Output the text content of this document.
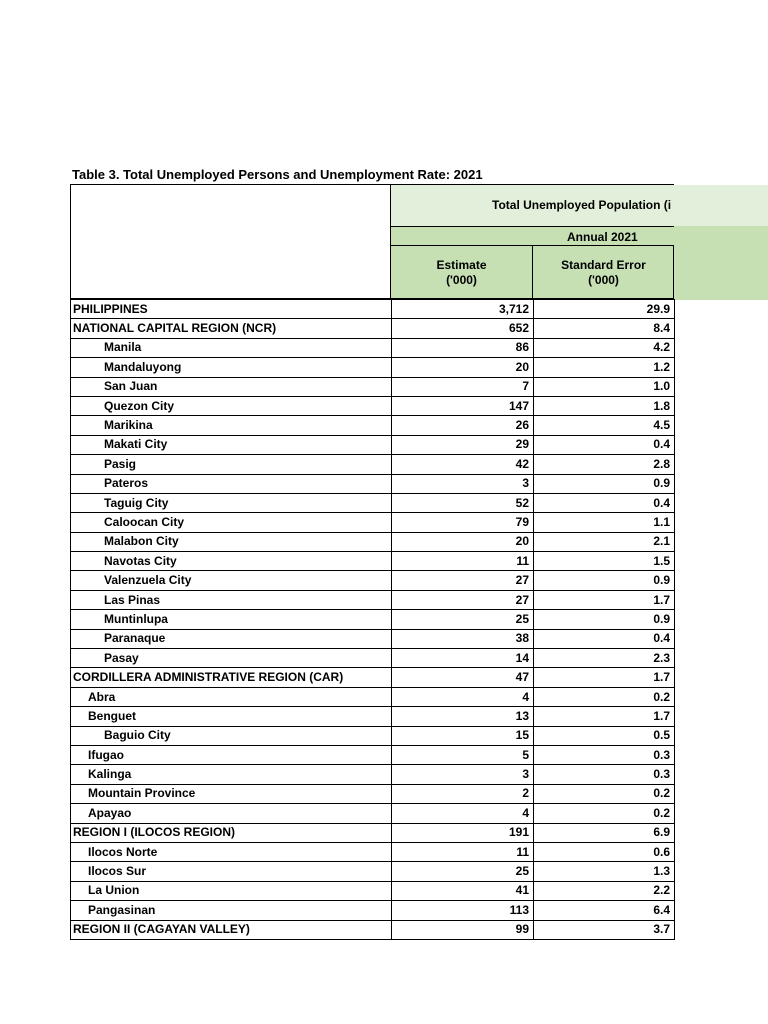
Table 3. Total Unemployed Persons and Unemployment Rate: 2021
Total Unemployed Population (i
Annual 2021
Estimate
('000)
Standard Error
('000)
PHILIPPINES	3,712	29.9
NATIONAL CAPITAL REGION (NCR)	652	8.4
Manila	86	4.2
Mandaluyong	20	1.2
San Juan	7	1.0
Quezon City	147	1.8
Marikina	26	4.5
Makati City	29	0.4
Pasig	42	2.8
Pateros	3	0.9
Taguig City	52	0.4
Caloocan City	79	1.1
Malabon City	20	2.1
Navotas City	11	1.5
Valenzuela City	27	0.9
Las Pinas	27	1.7
Muntinlupa	25	0.9
Paranaque	38	0.4
Pasay	14	2.3
CORDILLERA ADMINISTRATIVE REGION (CAR)	47	1.7
Abra	4	0.2
Benguet	13	1.7
Baguio City	15	0.5
Ifugao	5	0.3
Kalinga	3	0.3
Mountain Province	2	0.2
Apayao	4	0.2
REGION I (ILOCOS REGION)	191	6.9
Ilocos Norte	11	0.6
Ilocos Sur	25	1.3
La Union	41	2.2
Pangasinan	113	6.4
REGION II (CAGAYAN VALLEY)	99	3.7
